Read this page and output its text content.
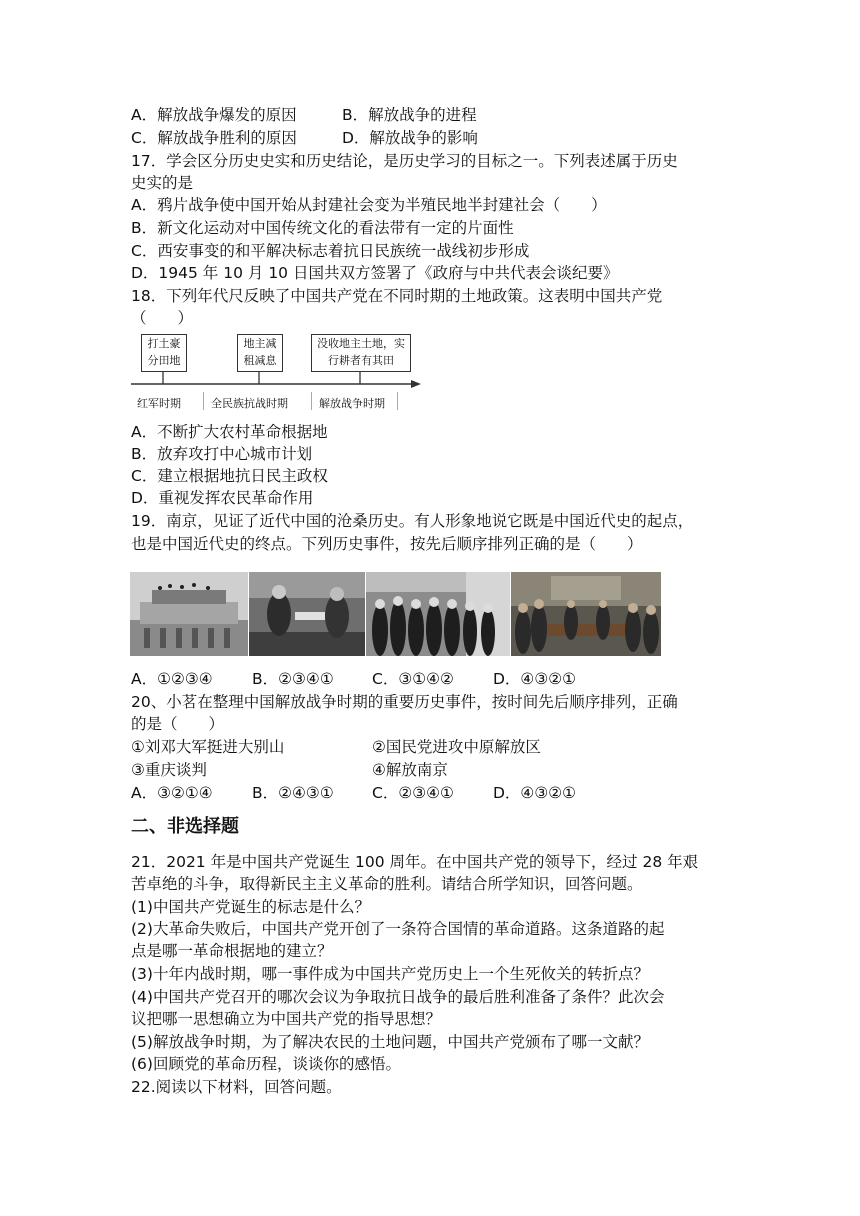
A．解放战争爆发的原因	B．解放战争的进程
C．解放战争胜利的原因	D．解放战争的影响
17．学会区分历史史实和历史结论，是历史学习的目标之一。下列表述属于历史
史实的是
A．鸦片战争使中国开始从封建社会变为半殖民地半封建社会（　　）
B．新文化运动对中国传统文化的看法带有一定的片面性
C．西安事变的和平解决标志着抗日民族统一战线初步形成
D．1945 年 10 月 10 日国共双方签署了《政府与中共代表会谈纪要》
18．下列年代尺反映了中国共产党在不同时期的土地政策。这表明中国共产党
（　　）
打土豪
分田地
地主减
租减息
没收地主土地，实
行耕者有其田
红军时期	全民族抗战时期	解放战争时期
A．不断扩大农村革命根据地
B．放弃攻打中心城市计划
C．建立根据地抗日民主政权
D．重视发挥农民革命作用
19．南京，见证了近代中国的沧桑历史。有人形象地说它既是中国近代史的起点，
也是中国近代史的终点。下列历史事件，按先后顺序排列正确的是（　　）
A．①②③④	B．②③④① C．③①④②	D．④③②①
20、小茗在整理中国解放战争时期的重要历史事件，按时间先后顺序排列，正确
的是（　　）
①刘邓大军挺进大别山	②国民党进攻中原解放区
③重庆谈判	④解放南京
A．③②①④	B．②④③① C．②③④①	D．④③②①
二、非选择题
21．2021 年是中国共产党诞生 100 周年。在中国共产党的领导下，经过 28 年艰
苦卓绝的斗争，取得新民主主义革命的胜利。请结合所学知识，回答问题。
(1)中国共产党诞生的标志是什么？
(2)大革命失败后，中国共产党开创了一条符合国情的革命道路。这条道路的起
点是哪一革命根据地的建立？
(3)十年内战时期，哪一事件成为中国共产党历史上一个生死攸关的转折点？
(4)中国共产党召开的哪次会议为争取抗日战争的最后胜利准备了条件？此次会
议把哪一思想确立为中国共产党的指导思想？
(5)解放战争时期，为了解决农民的土地问题，中国共产党颁布了哪一文献？
(6)回顾党的革命历程，谈谈你的感悟。
22.阅读以下材料，回答问题。
